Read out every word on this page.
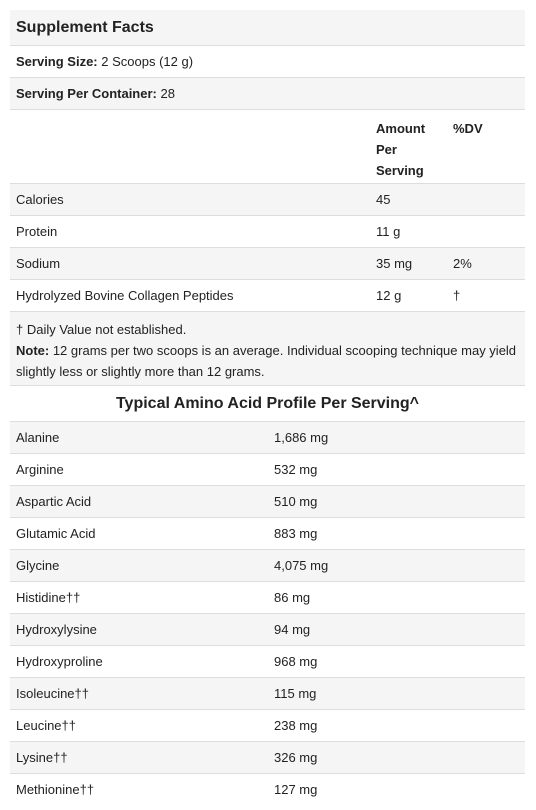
Supplement Facts
Serving Size:
2 Scoops (12 g)
Serving Per Container:
28
Amount
Per
Serving
%DV
Calories	45
Protein	11 g
Sodium	35 mg	2%
Hydrolyzed Bovine Collagen Peptides	12 g	†
† Daily Value not established.
Note: 12 grams per two scoops is an average. Individual scooping technique may yield slightly less or slightly more than 12 grams.
Typical Amino Acid Profile Per Serving^
Alanine	1,686 mg
Arginine	532 mg
Aspartic Acid	510 mg
Glutamic Acid	883 mg
Glycine	4,075 mg
Histidine††	86 mg
Hydroxylysine	94 mg
Hydroxyproline	968 mg
Isoleucine††	115 mg
Leucine††	238 mg
Lysine††	326 mg
Methionine††	127 mg
